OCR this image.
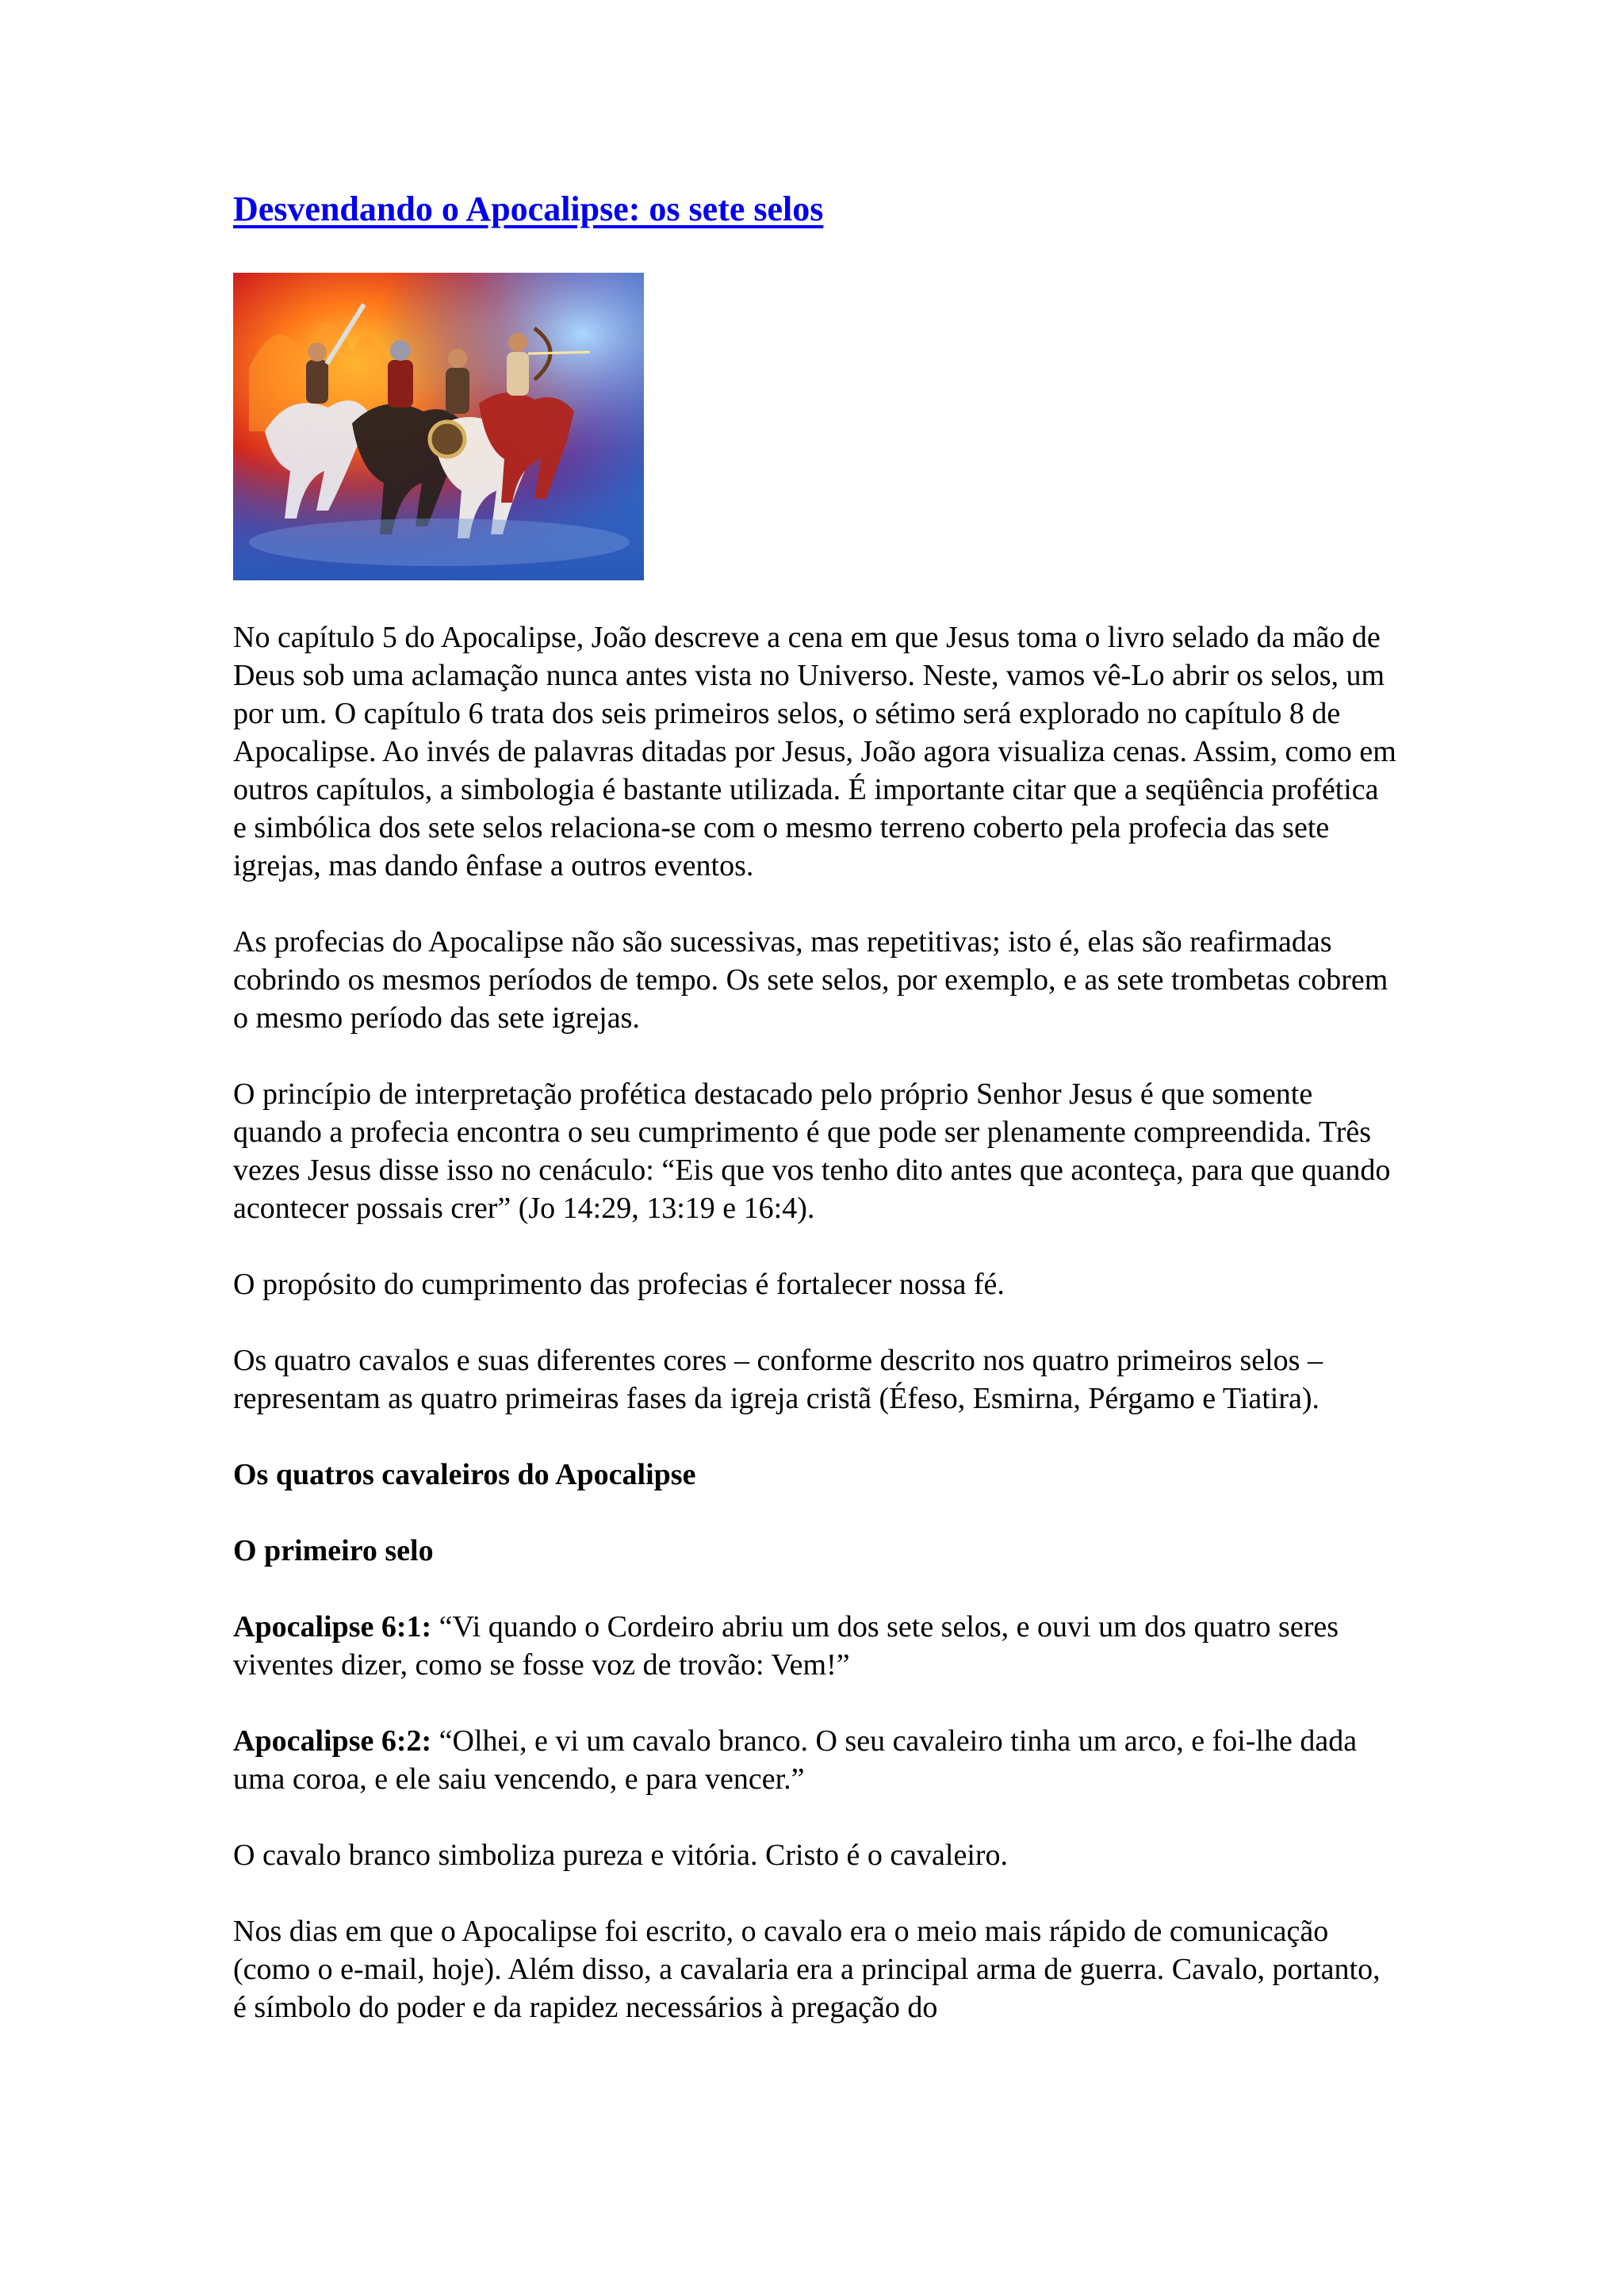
Desvendando o Apocalipse: os sete selos

No capítulo 5 do Apocalipse, João descreve a cena em que Jesus toma o livro selado da mão de Deus sob uma aclamação nunca antes vista no Universo. Neste, vamos vê-Lo abrir os selos, um por um. O capítulo 6 trata dos seis primeiros selos, o sétimo será explorado no capítulo 8 de Apocalipse. Ao invés de palavras ditadas por Jesus, João agora visualiza cenas. Assim, como em outros capítulos, a simbologia é bastante utilizada. É importante citar que a seqüência profética e simbólica dos sete selos relaciona-se com o mesmo terreno coberto pela profecia das sete igrejas, mas dando ênfase a outros eventos.

As profecias do Apocalipse não são sucessivas, mas repetitivas; isto é, elas são reafirmadas cobrindo os mesmos períodos de tempo. Os sete selos, por exemplo, e as sete trombetas cobrem o mesmo período das sete igrejas.

O princípio de interpretação profética destacado pelo próprio Senhor Jesus é que somente quando a profecia encontra o seu cumprimento é que pode ser plenamente compreendida. Três vezes Jesus disse isso no cenáculo: “Eis que vos tenho dito antes que aconteça, para que quando acontecer possais crer” (Jo 14:29, 13:19 e 16:4).

O propósito do cumprimento das profecias é fortalecer nossa fé.

Os quatro cavalos e suas diferentes cores – conforme descrito nos quatro primeiros selos – representam as quatro primeiras fases da igreja cristã (Éfeso, Esmirna, Pérgamo e Tiatira).

Os quatros cavaleiros do Apocalipse

O primeiro selo

Apocalipse 6:1: “Vi quando o Cordeiro abriu um dos sete selos, e ouvi um dos quatro seres viventes dizer, como se fosse voz de trovão: Vem!”

Apocalipse 6:2: “Olhei, e vi um cavalo branco. O seu cavaleiro tinha um arco, e foi-lhe dada uma coroa, e ele saiu vencendo, e para vencer.”

O cavalo branco simboliza pureza e vitória. Cristo é o cavaleiro.

Nos dias em que o Apocalipse foi escrito, o cavalo era o meio mais rápido de comunicação (como o e-mail, hoje). Além disso, a cavalaria era a principal arma de guerra. Cavalo, portanto, é símbolo do poder e da rapidez necessários à pregação do
